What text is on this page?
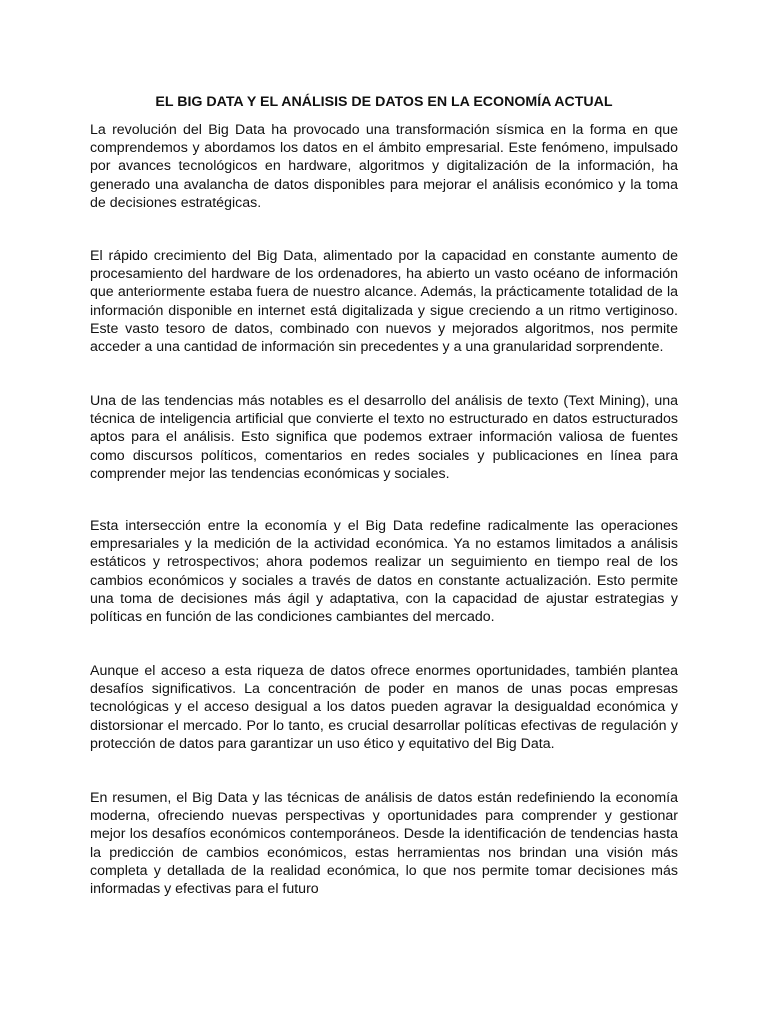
EL BIG DATA Y EL ANÁLISIS DE DATOS EN LA ECONOMÍA ACTUAL

La revolución del Big Data ha provocado una transformación sísmica en la forma en que comprendemos y abordamos los datos en el ámbito empresarial. Este fenómeno, impulsado por avances tecnológicos en hardware, algoritmos y digitalización de la información, ha generado una avalancha de datos disponibles para mejorar el análisis económico y la toma de decisiones estratégicas.

El rápido crecimiento del Big Data, alimentado por la capacidad en constante aumento de procesamiento del hardware de los ordenadores, ha abierto un vasto océano de información que anteriormente estaba fuera de nuestro alcance. Además, la prácticamente totalidad de la información disponible en internet está digitalizada y sigue creciendo a un ritmo vertiginoso. Este vasto tesoro de datos, combinado con nuevos y mejorados algoritmos, nos permite acceder a una cantidad de información sin precedentes y a una granularidad sorprendente.

Una de las tendencias más notables es el desarrollo del análisis de texto (Text Mining), una técnica de inteligencia artificial que convierte el texto no estructurado en datos estructurados aptos para el análisis. Esto significa que podemos extraer información valiosa de fuentes como discursos políticos, comentarios en redes sociales y publicaciones en línea para comprender mejor las tendencias económicas y sociales.

Esta intersección entre la economía y el Big Data redefine radicalmente las operaciones empresariales y la medición de la actividad económica. Ya no estamos limitados a análisis estáticos y retrospectivos; ahora podemos realizar un seguimiento en tiempo real de los cambios económicos y sociales a través de datos en constante actualización. Esto permite una toma de decisiones más ágil y adaptativa, con la capacidad de ajustar estrategias y políticas en función de las condiciones cambiantes del mercado.

Aunque el acceso a esta riqueza de datos ofrece enormes oportunidades, también plantea desafíos significativos. La concentración de poder en manos de unas pocas empresas tecnológicas y el acceso desigual a los datos pueden agravar la desigualdad económica y distorsionar el mercado. Por lo tanto, es crucial desarrollar políticas efectivas de regulación y protección de datos para garantizar un uso ético y equitativo del Big Data.

En resumen, el Big Data y las técnicas de análisis de datos están redefiniendo la economía moderna, ofreciendo nuevas perspectivas y oportunidades para comprender y gestionar mejor los desafíos económicos contemporáneos. Desde la identificación de tendencias hasta la predicción de cambios económicos, estas herramientas nos brindan una visión más completa y detallada de la realidad económica, lo que nos permite tomar decisiones más informadas y efectivas para el futuro
